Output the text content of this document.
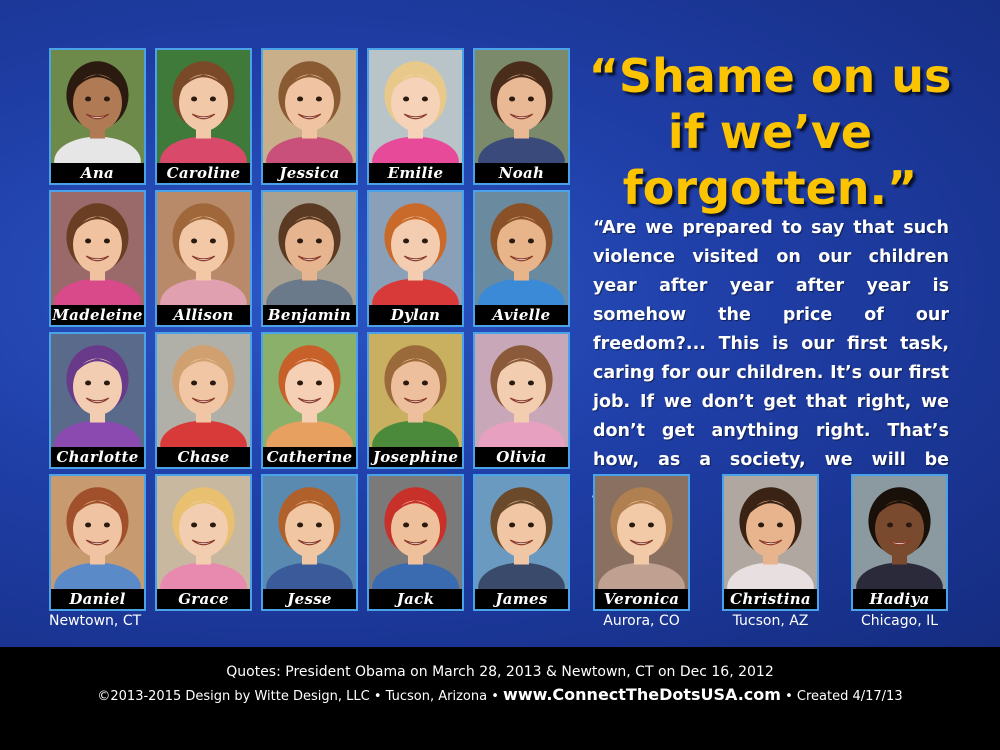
Ana	Caroline	Jessica	Emilie	Noah
Madeleine	Allison	Benjamin	Dylan	Avielle
Charlotte	Chase	Catherine Josephine	Olivia
Daniel	Grace	Jesse	Jack	James
Newtown, CT
“Shame on us if we’ve forgotten.”
“Are we prepared to say that such violence visited on our children year after year after year is somehow the price of our freedom?... This is our first task, caring for our children. It’s our first job. If we don’t get that right, we don’t get anything right. That’s how, as a society, we will be
Veronica
Aurora, CO
Christina
Tucson, AZ
Hadiya
Chicago, IL
Quotes: President Obama on March 28, 2013 & Newtown, CT on Dec 16, 2012
©2013-2015 Design by Witte Design, LLC • Tucson, Arizona • www.ConnectTheDotsUSA.com • Created 4/17/13
